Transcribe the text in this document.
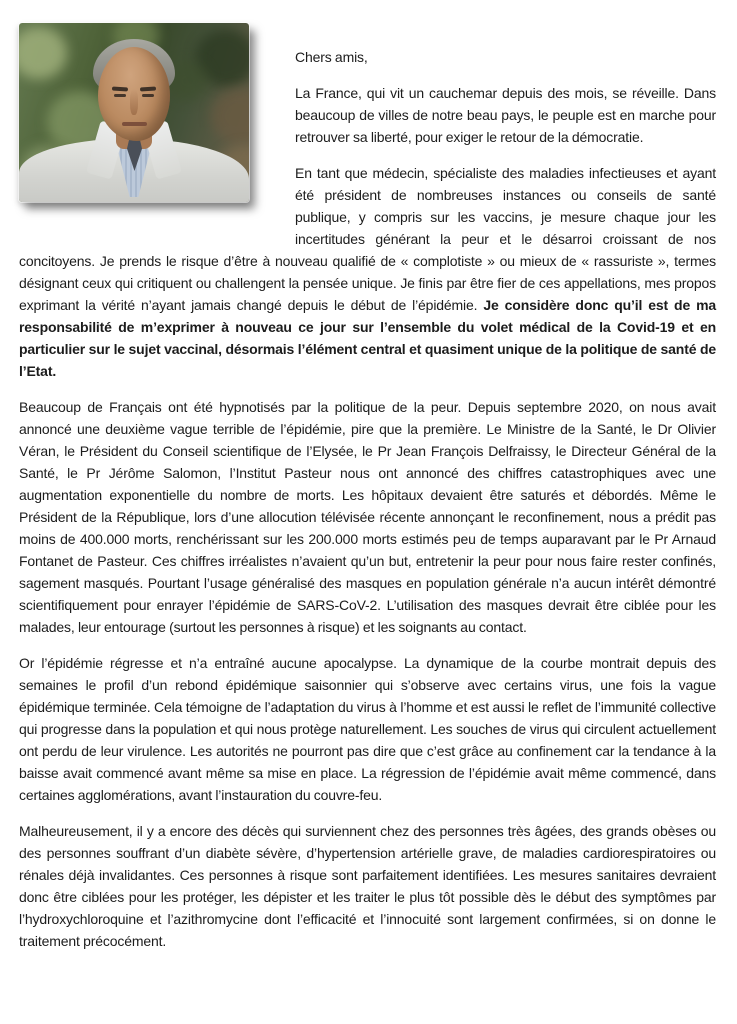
Chers amis,

La France, qui vit un cauchemar depuis des mois, se réveille. Dans beaucoup de villes de notre beau pays, le peuple est en marche pour retrouver sa liberté, pour exiger le retour de la démocratie.

En tant que médecin, spécialiste des maladies infectieuses et ayant été président de nombreuses instances ou conseils de santé publique, y compris sur les vaccins, je mesure chaque jour les incertitudes générant la peur et le désarroi croissant de nos concitoyens. Je prends le risque d’être à nouveau qualifié de « complotiste » ou mieux de « rassuriste », termes désignant ceux qui critiquent ou challengent la pensée unique. Je finis par être fier de ces appellations, mes propos exprimant la vérité n’ayant jamais changé depuis le début de l’épidémie. Je considère donc qu’il est de ma responsabilité de m’exprimer à nouveau ce jour sur l’ensemble du volet médical de la Covid-19 et en particulier sur le sujet vaccinal, désormais l’élément central et quasiment unique de la politique de santé de l’Etat.

Beaucoup de Français ont été hypnotisés par la politique de la peur. Depuis septembre 2020, on nous avait annoncé une deuxième vague terrible de l’épidémie, pire que la première. Le Ministre de la Santé, le Dr Olivier Véran, le Président du Conseil scientifique de l’Elysée, le Pr Jean François Delfraissy, le Directeur Général de la Santé, le Pr Jérôme Salomon, l’Institut Pasteur nous ont annoncé des chiffres catastrophiques avec une augmentation exponentielle du nombre de morts. Les hôpitaux devaient être saturés et débordés. Même le Président de la République, lors d’une allocution télévisée récente annonçant le reconfinement, nous a prédit pas moins de 400.000 morts, renchérissant sur les 200.000 morts estimés peu de temps auparavant par le Pr Arnaud Fontanet de Pasteur. Ces chiffres irréalistes n’avaient qu’un but, entretenir la peur pour nous faire rester confinés, sagement masqués. Pourtant l’usage généralisé des masques en population générale n’a aucun intérêt démontré scientifiquement pour enrayer l’épidémie de SARS-CoV-2. L’utilisation des masques devrait être ciblée pour les malades, leur entourage (surtout les personnes à risque) et les soignants au contact.

Or l’épidémie régresse et n’a entraîné aucune apocalypse. La dynamique de la courbe montrait depuis des semaines le profil d’un rebond épidémique saisonnier qui s’observe avec certains virus, une fois la vague épidémique terminée. Cela témoigne de l’adaptation du virus à l’homme et est aussi le reflet de l’immunité collective qui progresse dans la population et qui nous protège naturellement. Les souches de virus qui circulent actuellement ont perdu de leur virulence. Les autorités ne pourront pas dire que c’est grâce au confinement car la tendance à la baisse avait commencé avant même sa mise en place. La régression de l’épidémie avait même commencé, dans certaines agglomérations, avant l’instauration du couvre-feu.

Malheureusement, il y a encore des décès qui surviennent chez des personnes très âgées, des grands obèses ou des personnes souffrant d’un diabète sévère, d’hypertension artérielle grave, de maladies cardiorespiratoires ou rénales déjà invalidantes. Ces personnes à risque sont parfaitement identifiées. Les mesures sanitaires devraient donc être ciblées pour les protéger, les dépister et les traiter le plus tôt possible dès le début des symptômes par l’hydroxychloroquine et l’azithromycine dont l’efficacité et l’innocuité sont largement confirmées, si on donne le traitement précocément.
